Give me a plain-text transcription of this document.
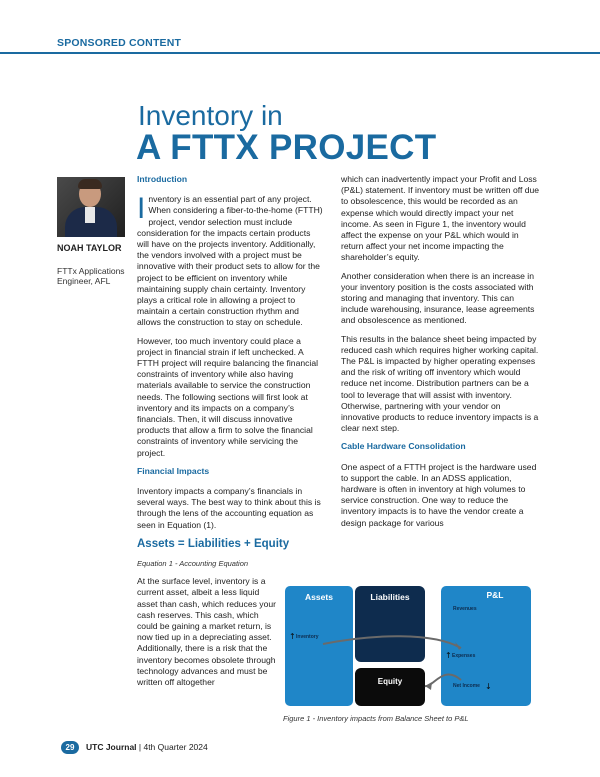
SPONSORED CONTENT
Inventory in
A FTTX PROJECT
NOAH TAYLOR
FTTx Applications Engineer, AFL
Introduction

Inventory is an essential part of any project. When considering a fiber-to-the-home (FTTH) project, vendor selection must include consideration for the impacts certain products will have on the projects inventory. Additionally, the vendors involved with a project must be innovative with their product sets to allow for the project to be efficient on inventory while maintaining supply chain certainty. Inventory plays a critical role in allowing a project to maintain a certain construction rhythm and allows the construction to stay on schedule.

However, too much inventory could place a project in financial strain if left unchecked. A FTTH project will require balancing the financial constraints of inventory while also having materials available to service the construction needs. The following sections will first look at inventory and its impacts on a company’s financials. Then, it will discuss innovative products that allow a firm to solve the financial constraints of inventory while servicing the project.

Financial Impacts

Inventory impacts a company’s financials in several ways. The best way to think about this is through the lens of the accounting equation as seen in Equation (1).

Assets = Liabilities + Equity
Equation 1 - Accounting Equation

At the surface level, inventory is a current asset, albeit a less liquid asset than cash, which reduces your cash reserves. This cash, which could be gaining a market return, is now tied up in a depreciating asset. Additionally, there is a risk that the inventory becomes obsolete through technology advances and must be written off altogether

which can inadvertently impact your Profit and Loss (P&L) statement. If inventory must be written off due to obsolescence, this would be recorded as an expense which would directly impact your net income. As seen in Figure 1, the inventory would affect the expense on your P&L which would in return affect your net income impacting the shareholder’s equity.

Another consideration when there is an increase in your inventory position is the costs associated with storing and managing that inventory. This can include warehousing, insurance, lease agreements and obsolescence as mentioned.

This results in the balance sheet being impacted by reduced cash which requires higher working capital. The P&L is impacted by higher operating expenses and the risk of writing off inventory which would reduce net income. Distribution partners can be a tool to leverage that will assist with inventory. Otherwise, partnering with your vendor on innovative products to reduce inventory impacts is a clear next step.

Cable Hardware Consolidation

One aspect of a FTTH project is the hardware used to support the cable. In an ADSS application, hardware is often in inventory at high volumes to service construction. One way to reduce the inventory impacts is to have the vendor create a design package for various

Assets
↑ Inventory
Liabilities
Equity
P&L
Revenues
↑ Expenses
Net Income ↓
Figure 1 - Inventory impacts from Balance Sheet to P&L
29	UTC Journal | 4th Quarter 2024
